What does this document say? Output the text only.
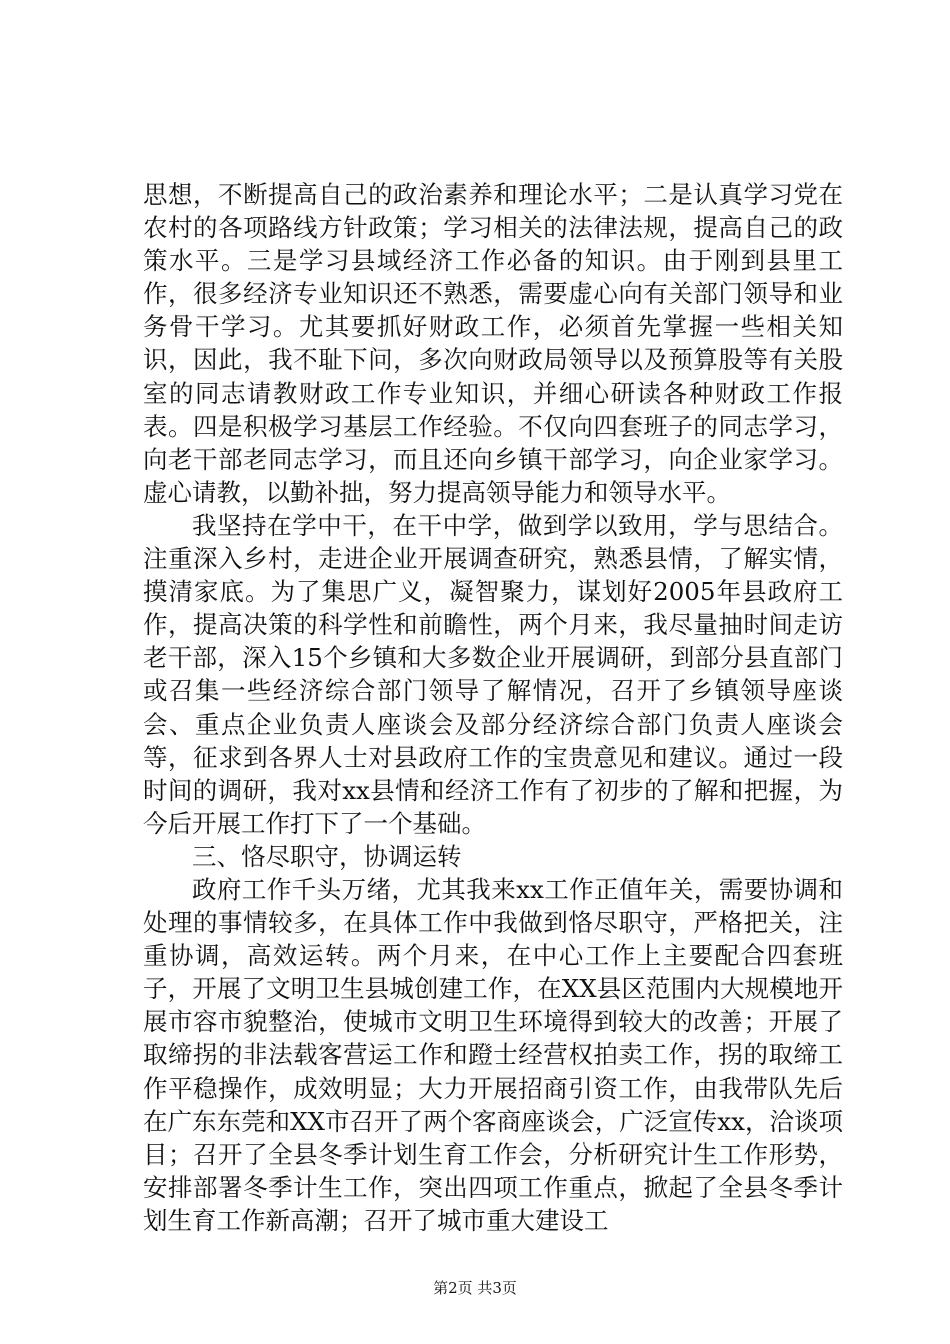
思想，不断提高自己的政治素养和理论水平；二是认真学习党在农村的各项路线方针政策；学习相关的法律法规，提高自己的政策水平。三是学习县域经济工作必备的知识。由于刚到县里工作，很多经济专业知识还不熟悉，需要虚心向有关部门领导和业务骨干学习。尤其要抓好财政工作，必须首先掌握一些相关知识，因此，我不耻下问，多次向财政局领导以及预算股等有关股室的同志请教财政工作专业知识，并细心研读各种财政工作报表。四是积极学习基层工作经验。不仅向四套班子的同志学习，向老干部老同志学习，而且还向乡镇干部学习，向企业家学习。虚心请教，以勤补拙，努力提高领导能力和领导水平。

我坚持在学中干，在干中学，做到学以致用，学与思结合。注重深入乡村，走进企业开展调查研究，熟悉县情，了解实情，摸清家底。为了集思广义，凝智聚力，谋划好2005年县政府工作，提高决策的科学性和前瞻性，两个月来，我尽量抽时间走访老干部，深入15个乡镇和大多数企业开展调研，到部分县直部门或召集一些经济综合部门领导了解情况，召开了乡镇领导座谈会、重点企业负责人座谈会及部分经济综合部门负责人座谈会等，征求到各界人士对县政府工作的宝贵意见和建议。通过一段时间的调研，我对xx县情和经济工作有了初步的了解和把握，为今后开展工作打下了一个基础。

三、恪尽职守，协调运转

政府工作千头万绪，尤其我来xx工作正值年关，需要协调和处理的事情较多，在具体工作中我做到恪尽职守，严格把关，注重协调，高效运转。两个月来，在中心工作上主要配合四套班子，开展了文明卫生县城创建工作，在XX县区范围内大规模地开展市容市貌整治，使城市文明卫生环境得到较大的改善；开展了取缔拐的非法载客营运工作和蹬士经营权拍卖工作，拐的取缔工作平稳操作，成效明显；大力开展招商引资工作，由我带队先后在广东东莞和XX市召开了两个客商座谈会，广泛宣传xx，洽谈项目；召开了全县冬季计划生育工作会，分析研究计生工作形势，安排部署冬季计生工作，突出四项工作重点，掀起了全县冬季计划生育工作新高潮；召开了城市重大建设工

第2页 共3页
